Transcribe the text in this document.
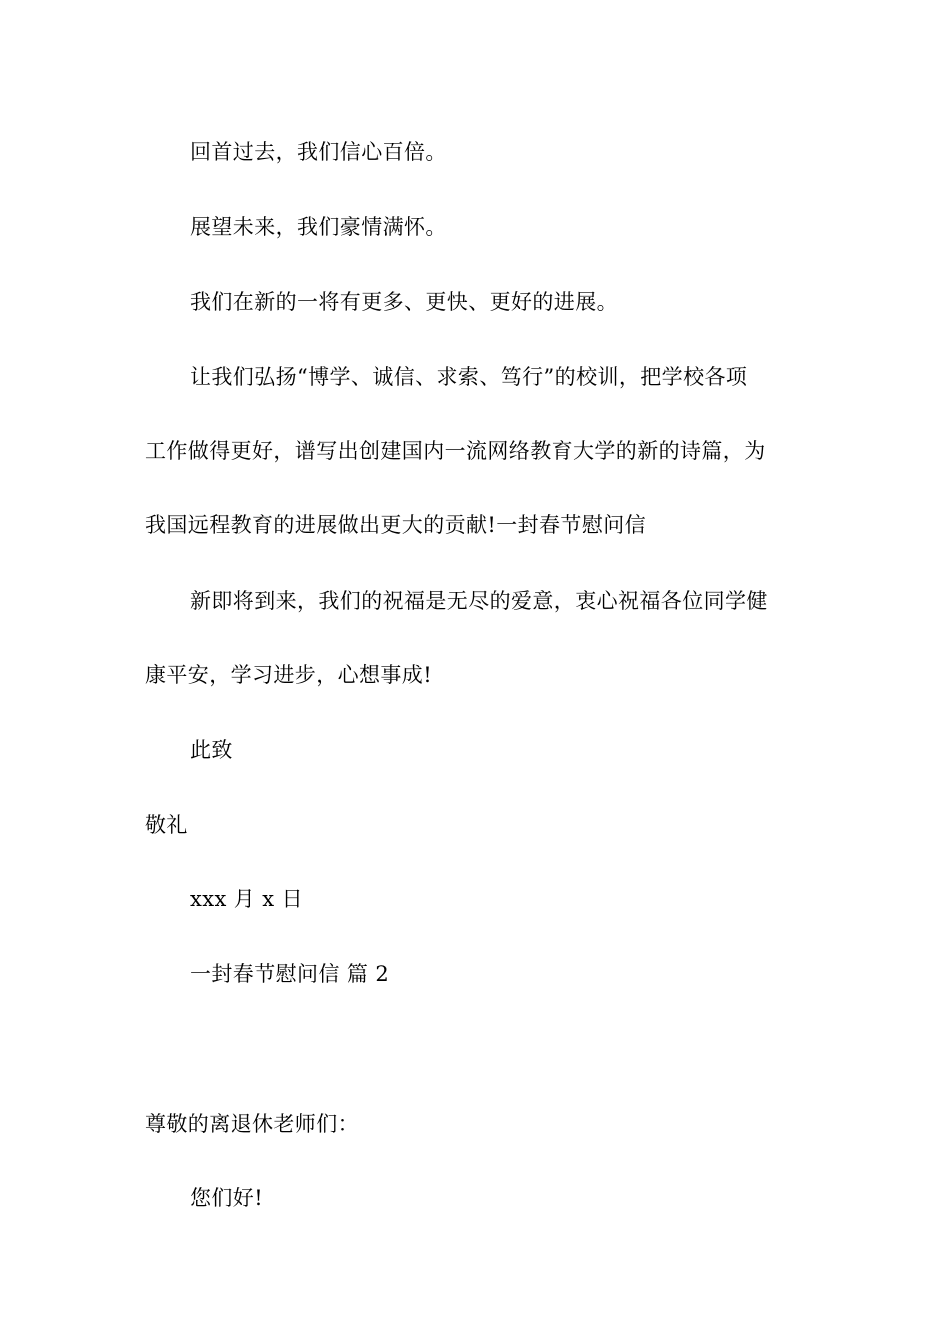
回首过去，我们信心百倍。
展望未来，我们豪情满怀。
我们在新的一将有更多、更快、更好的进展。
让我们弘扬“博学、诚信、求索、笃行”的校训，把学校各项
工作做得更好，谱写出创建国内一流网络教育大学的新的诗篇，为
我国远程教育的进展做出更大的贡献!一封春节慰问信
新即将到来，我们的祝福是无尽的爱意，衷心祝福各位同学健
康平安，学习进步，心想事成!
此致
敬礼
xxx 月 x 日
一封春节慰问信 篇 2
尊敬的离退休老师们：
您们好!
